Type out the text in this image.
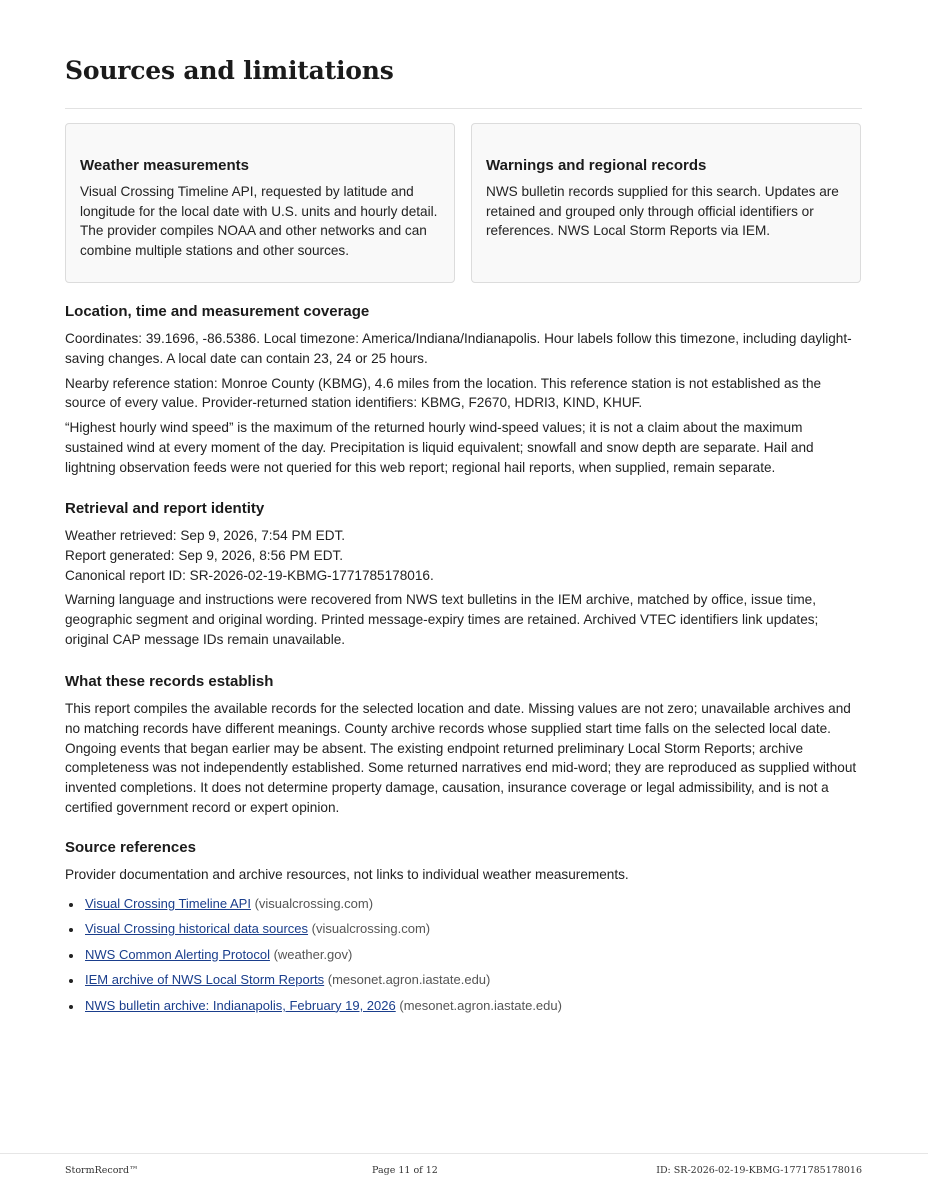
Sources and limitations
Weather measurements

Visual Crossing Timeline API, requested by latitude and longitude for the local date with U.S. units and hourly detail. The provider compiles NOAA and other networks and can combine multiple stations and other sources.

Warnings and regional records

NWS bulletin records supplied for this search. Updates are retained and grouped only through official identifiers or references. NWS Local Storm Reports via IEM.

Location, time and measurement coverage

Coordinates: 39.1696, -86.5386. Local timezone: America/Indiana/Indianapolis. Hour labels follow this timezone, including daylight-saving changes. A local date can contain 23, 24 or 25 hours.

Nearby reference station: Monroe County (KBMG), 4.6 miles from the location. This reference station is not established as the source of every value. Provider-returned station identifiers: KBMG, F2670, HDRI3, KIND, KHUF.

“Highest hourly wind speed” is the maximum of the returned hourly wind-speed values; it is not a claim about the maximum sustained wind at every moment of the day. Precipitation is liquid equivalent; snowfall and snow depth are separate. Hail and lightning observation feeds were not queried for this web report; regional hail reports, when supplied, remain separate.

Retrieval and report identity

Weather retrieved: Sep 9, 2026, 7:54 PM EDT.

Report generated: Sep 9, 2026, 8:56 PM EDT.

Canonical report ID: SR-2026-02-19-KBMG-1771785178016.

Warning language and instructions were recovered from NWS text bulletins in the IEM archive, matched by office, issue time, geographic segment and original wording. Printed message-expiry times are retained. Archived VTEC identifiers link updates; original CAP message IDs remain unavailable.

What these records establish

This report compiles the available records for the selected location and date. Missing values are not zero; unavailable archives and no matching records have different meanings. County archive records whose supplied start time falls on the selected local date. Ongoing events that began earlier may be absent. The existing endpoint returned preliminary Local Storm Reports; archive completeness was not independently established. Some returned narratives end mid-word; they are reproduced as supplied without invented completions. It does not determine property damage, causation, insurance coverage or legal admissibility, and is not a certified government record or expert opinion.

Source references

Provider documentation and archive resources, not links to individual weather measurements.

Visual Crossing Timeline API (visualcrossing.com)
Visual Crossing historical data sources (visualcrossing.com)
NWS Common Alerting Protocol (weather.gov)
IEM archive of NWS Local Storm Reports (mesonet.agron.iastate.edu)
NWS bulletin archive: Indianapolis, February 19, 2026 (mesonet.agron.iastate.edu)
StormRecord™	Page 11 of 12	ID: SR-2026-02-19-KBMG-1771785178016
